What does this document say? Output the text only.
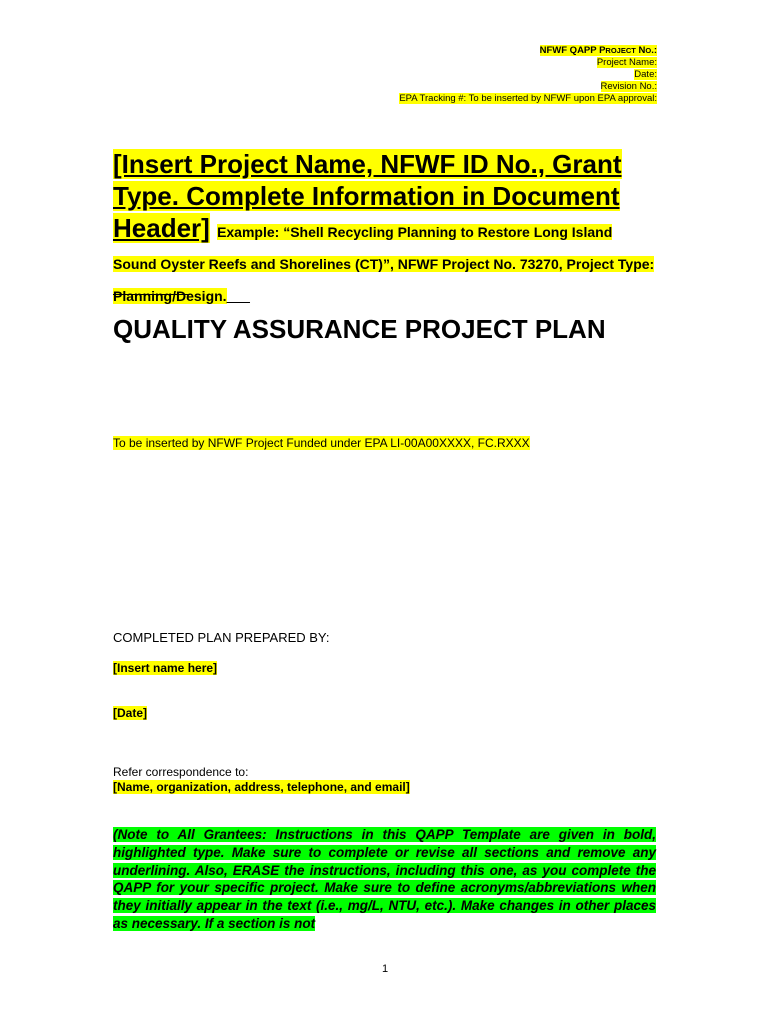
NFWF QAPP PROJECT NO.:
Project Name:
Date:
Revision No.:
EPA Tracking #: To be inserted by NFWF upon EPA approval:
[Insert Project Name, NFWF ID No., Grant Type. Complete Information in Document Header] Example: “Shell Recycling Planning to Restore Long Island Sound Oyster Reefs and Shorelines (CT)”, NFWF Project No. 73270, Project Type: Planning/Design.___
QUALITY ASSURANCE PROJECT PLAN
To be inserted by NFWF Project Funded under EPA LI-00A00XXXX, FC.RXXX
COMPLETED PLAN PREPARED BY:
[Insert name here]
[Date]
Refer correspondence to:
[Name, organization, address, telephone, and email]
(Note to All Grantees: Instructions in this QAPP Template are given in bold, highlighted type. Make sure to complete or revise all sections and remove any underlining. Also, ERASE the instructions, including this one, as you complete the QAPP for your specific project. Make sure to define acronyms/abbreviations when they initially appear in the text (i.e., mg/L, NTU, etc.). Make changes in other places as necessary. If a section is not
1
